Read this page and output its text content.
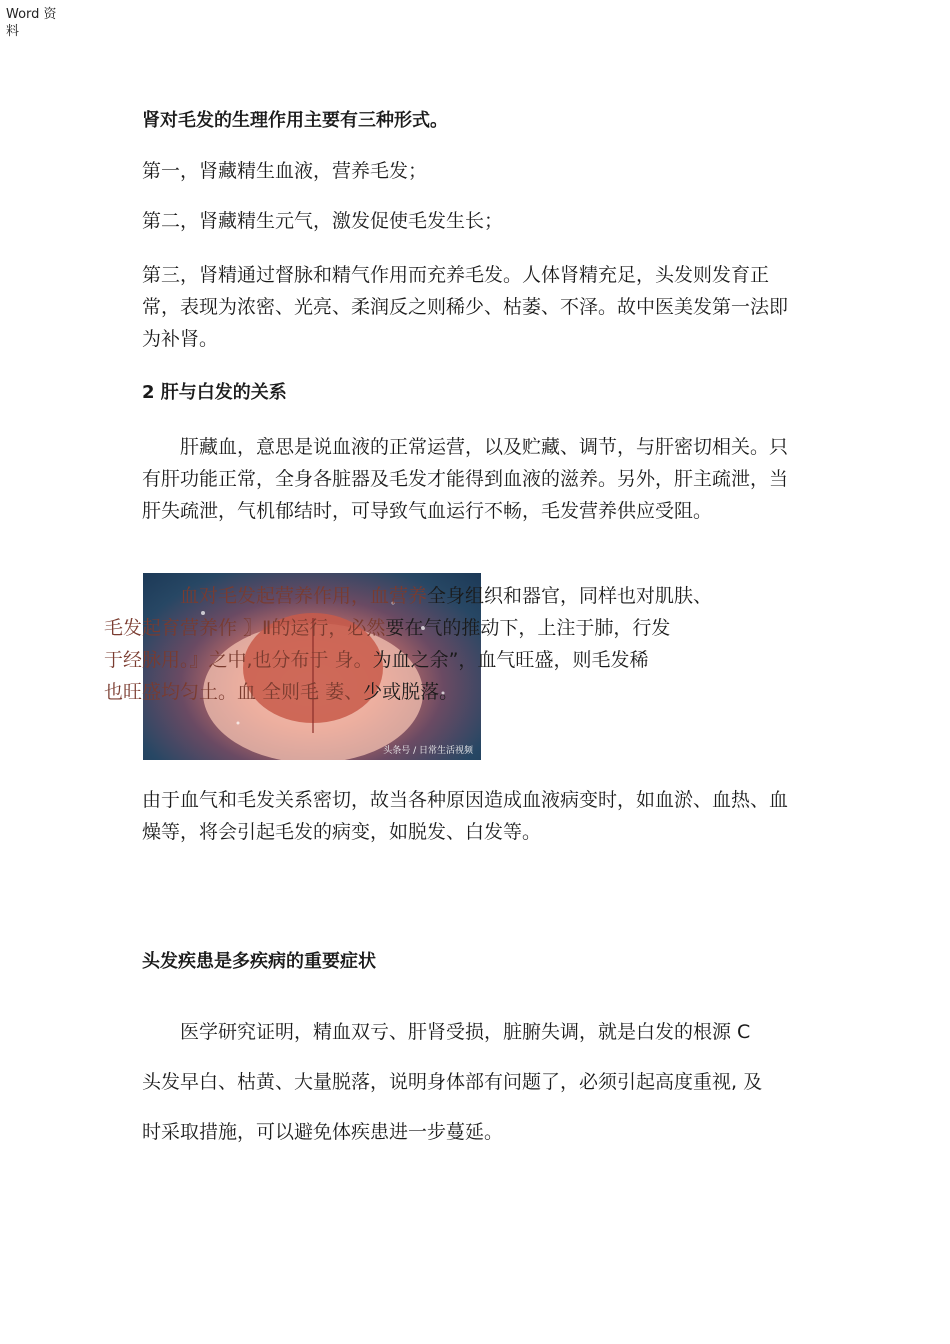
Word 资
料
肾对毛发的生理作用主要有三种形式。

第一，肾藏精生血液，营养毛发；

第二，肾藏精生元气，激发促使毛发生长；

第三，肾精通过督脉和精气作用而充养毛发。人体肾精充足，头发则发育正常，表现为浓密、光亮、柔润反之则稀少、枯萎、不泽。故中医美发第一法即为补肾。

2 肝与白发的关系

肝藏血，意思是说血液的正常运营，以及贮藏、调节，与肝密切相关。只有肝功能正常，全身各脏器及毛发才能得到血液的滋养。另外，肝主疏泄，当肝失疏泄，气机郁结时，可导致气血运行不畅，毛发营养供应受阻。

头条号 / 日常生活视频

血对毛发起营养作用，血营养全身组织和器官，同样也对肌肤、
毛发起育营养作 〗Ⅱ的运行，必然要在气的推动下，上注于肺，行发
于经脉用。』之中,也分布于 身。为血之余”，血气旺盛，则毛发稀
也旺盛均匀土。血 全则毛 萎、少或脱落。

由于血气和毛发关系密切，故当各种原因造成血液病变时，如血淤、血热、血燥等，将会引起毛发的病变，如脱发、白发等。

头发疾患是多疾病的重要症状

医学研究证明，精血双亏、肝肾受损，脏腑失调，就是白发的根源 C

头发早白、枯黄、大量脱落，说明身体部有问题了，必须引起高度重视, 及

时采取措施，可以避免体疾患进一步蔓延。
